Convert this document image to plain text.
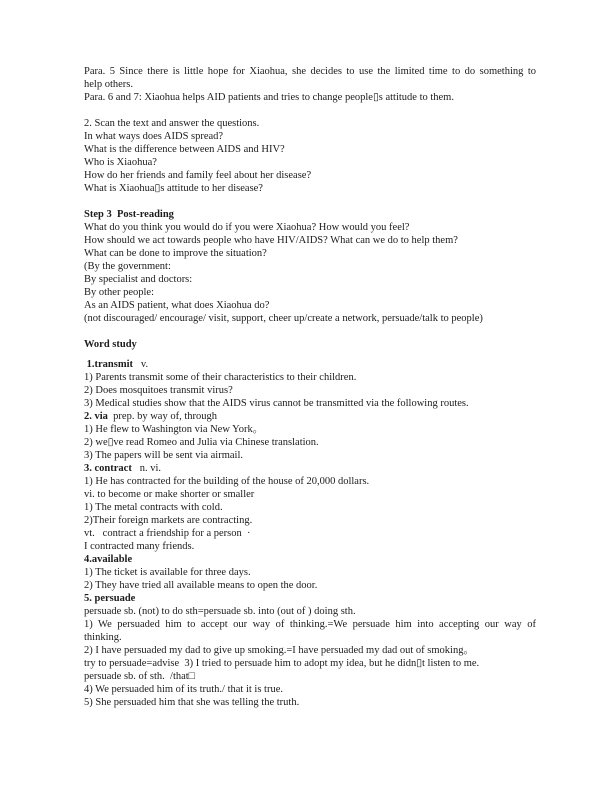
Para. 5 Since there is little hope for Xiaohua, she decides to use the limited time to do something to
help others.
Para. 6 and 7: Xiaohua helps AID patients and tries to change people▯s attitude to them.

2. Scan the text and answer the questions.
In what ways does AIDS spread?
What is the difference between AIDS and HIV?
Who is Xiaohua?
How do her friends and family feel about her disease?
What is Xiaohua▯s attitude to her disease?

Step 3  Post-reading
What do you think you would do if you were Xiaohua? How would you feel?
How should we act towards people who have HIV/AIDS? What can we do to help them?
What can be done to improve the situation?
(By the government:
By specialist and doctors:
By other people:
As an AIDS patient, what does Xiaohua do?
(not discouraged/ encourage/ visit, support, cheer up/create a network, persuade/talk to people)

Word study
1.transmit   v.
1) Parents transmit some of their characteristics to their children.
2) Does mosquitoes transmit virus?
3) Medical studies show that the AIDS virus cannot be transmitted via the following routes.
2. via  prep. by way of, through
1) He flew to Washington via New York。
2) we▯ve read Romeo and Julia via Chinese translation.
3) The papers will be sent via airmail.
3. contract   n. vi.
1) He has contracted for the building of the house of 20,000 dollars.
vi. to become or make shorter or smaller
1) The metal contracts with cold.
2)Their foreign markets are contracting.
vt.   contract a friendship for a person  ·
I contracted many friends.
4.available
1) The ticket is available for three days.
2) They have tried all available means to open the door.
5. persuade
persuade sb. (not) to do sth=persuade sb. into (out of ) doing sth.
1) We persuaded him to accept our way of thinking.=We persuade him into accepting our way of
thinking.
2) I have persuaded my dad to give up smoking.=I have persuaded my dad out of smoking。
try to persuade=advise  3) I tried to persuade him to adopt my idea, but he didn▯t listen to me.
persuade sb. of sth.  /that□
4) We persuaded him of its truth./ that it is true.
5) She persuaded him that she was telling the truth.
